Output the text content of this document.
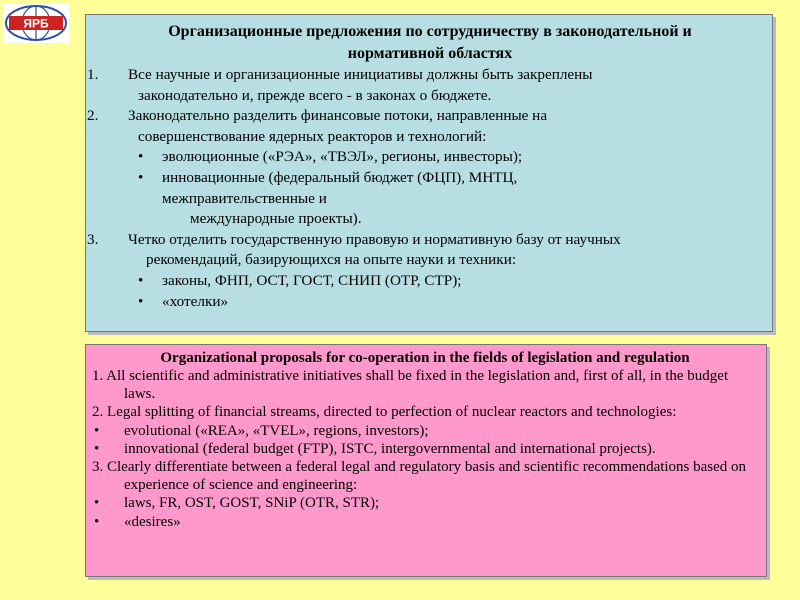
ЯРБ	Организационные предложения по сотрудничеству в законодательной и
нормативной областях
1. Все научные и организационные инициативы должны быть закреплены
законодательно и, прежде всего - в законах о бюджете.
2. Законодательно разделить финансовые потоки, направленные на
совершенствование ядерных реакторов и технологий:
• эволюционные («РЭА», «ТВЭЛ», регионы, инвесторы);
• инновационные (федеральный бюджет (ФЦП), МНТЦ,
межправительственные и
международные проекты).
3. Четко отделить государственную правовую и нормативную базу от научных
рекомендаций, базирующихся на опыте науки и техники:
• законы, ФНП, ОСТ, ГОСТ, СНИП (ОТР, СТР);
• «хотелки»
Organizational proposals for co-operation in the fields of legislation and regulation
1. All scientific and administrative initiatives shall be fixed in the legislation and, first of all, in the budget laws.
2. Legal splitting of financial streams, directed to perfection of nuclear reactors and technologies:
• evolutional («REA», «TVEL», regions, investors);
• innovational (federal budget (FTP), ISTC, intergovernmental and international projects).
3. Clearly differentiate between a federal legal and regulatory basis and scientific recommendations based on experience of science and engineering:
• laws, FR, OST, GOST, SNiP (OTR, STR);
• «desires»
